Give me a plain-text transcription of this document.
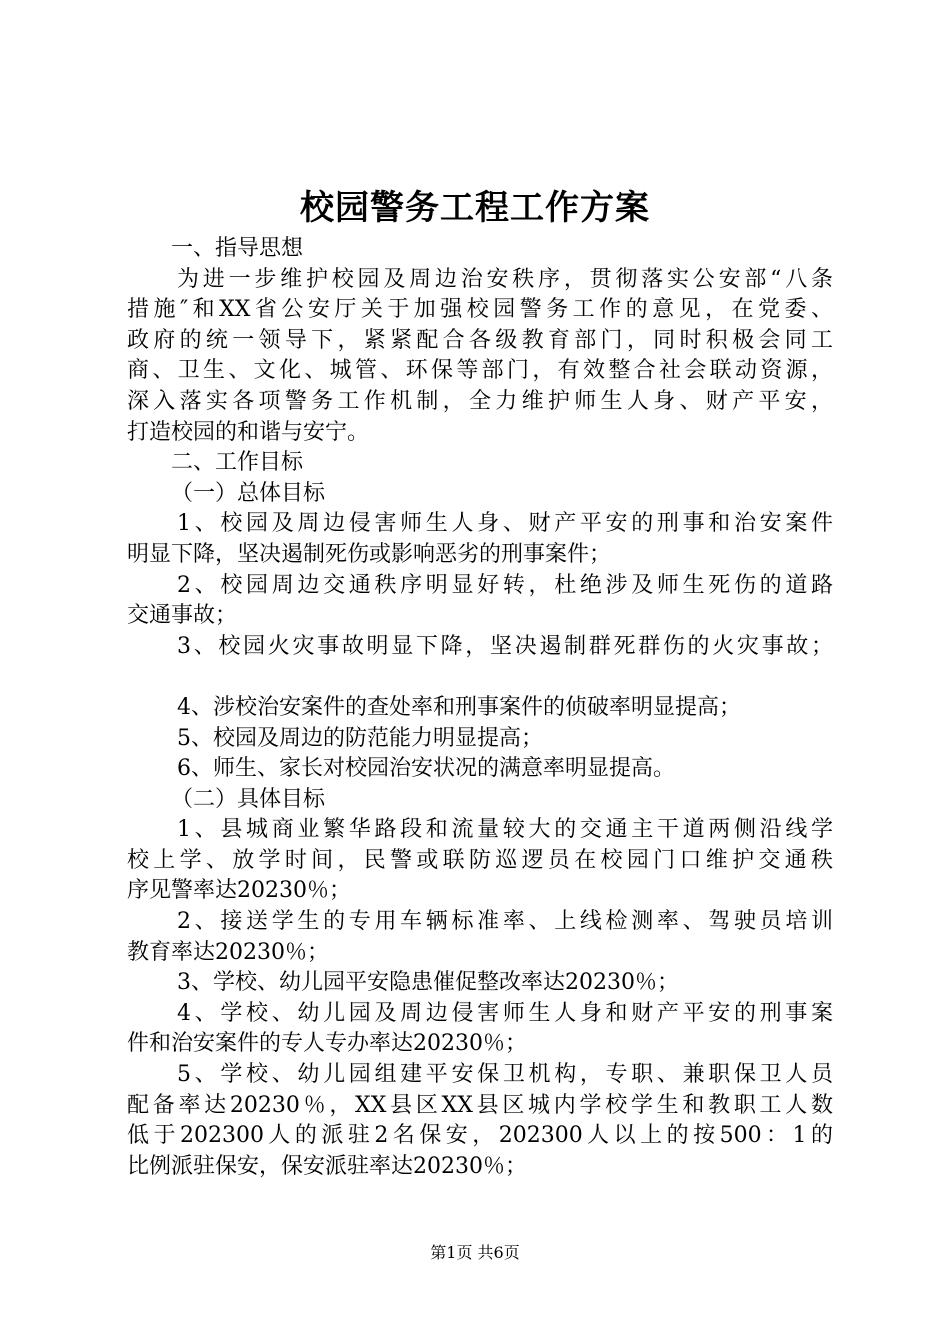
校园警务工程工作方案
一、指导思想
为进一步维护校园及周边治安秩序，贯彻落实公安部“八条
措施″和XX省公安厅关于加强校园警务工作的意见，在党委、
政府的统一领导下，紧紧配合各级教育部门，同时积极会同工
商、卫生、文化、城管、环保等部门，有效整合社会联动资源，
深入落实各项警务工作机制，全力维护师生人身、财产平安，
打造校园的和谐与安宁。
二、工作目标
（一）总体目标
1、校园及周边侵害师生人身、财产平安的刑事和治安案件
明显下降，坚决遏制死伤或影响恶劣的刑事案件；
2、校园周边交通秩序明显好转，杜绝涉及师生死伤的道路
交通事故；
3、校园火灾事故明显下降，坚决遏制群死群伤的火灾事故；
4、涉校治安案件的查处率和刑事案件的侦破率明显提高；
5、校园及周边的防范能力明显提高；
6、师生、家长对校园治安状况的满意率明显提高。
（二）具体目标
1、县城商业繁华路段和流量较大的交通主干道两侧沿线学
校上学、放学时间，民警或联防巡逻员在校园门口维护交通秩
序见警率达20230％；
2、接送学生的专用车辆标准率、上线检测率、驾驶员培训
教育率达20230％；
3、学校、幼儿园平安隐患催促整改率达20230％；
4、学校、幼儿园及周边侵害师生人身和财产平安的刑事案
件和治安案件的专人专办率达20230％；
5、学校、幼儿园组建平安保卫机构，专职、兼职保卫人员
配备率达20230％，XX县区XX县区城内学校学生和教职工人数
低于202300人的派驻2名保安，202300人以上的按500：1的
比例派驻保安，保安派驻率达20230％；
第1页 共6页
